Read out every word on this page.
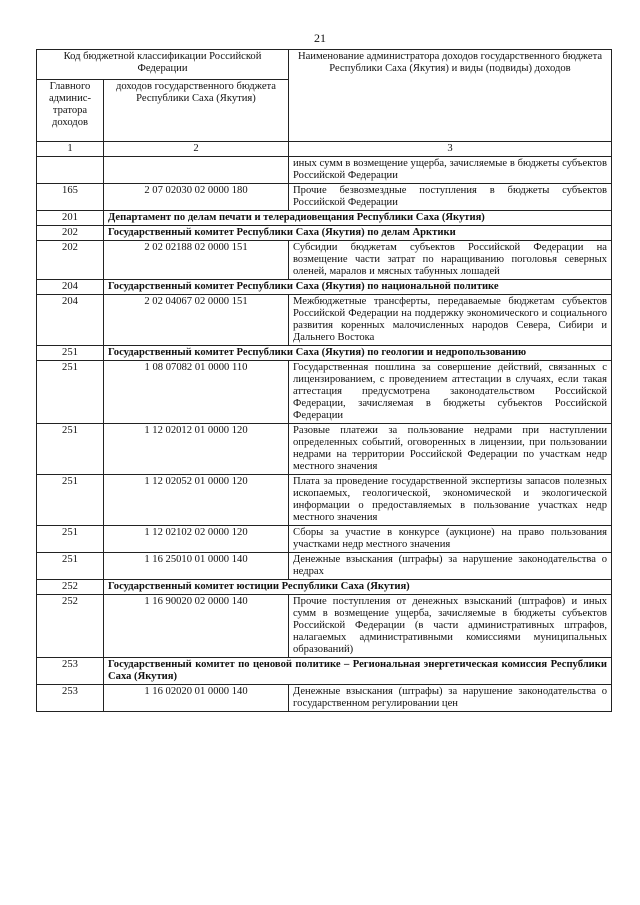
21
Код бюджетной классификации Российской Федерации		Наименование администратора доходов государственного бюджета Республики Саха (Якутия) и виды (подвиды) доходов
Главного админис-тратора доходов	доходов государственного бюджета Республики Саха (Якутия)	
1	2	3
		иных сумм в возмещение ущерба, зачисляемые в бюджеты субъектов Российской Федерации
165	2 07 02030 02 0000 180	Прочие безвозмездные поступления в бюджеты субъектов Российской Федерации
201	Департамент по делам печати и телерадиовещания Республики Саха (Якутия)	
202	Государственный комитет Республики Саха (Якутия) по делам Арктики	
202	2 02 02188 02 0000 151	Субсидии бюджетам субъектов Российской Федерации на возмещение части затрат по наращиванию поголовья северных оленей, маралов и мясных табунных лошадей
204	Государственный комитет Республики Саха (Якутия) по национальной политике	
204	2 02 04067 02 0000 151	Межбюджетные трансферты, передаваемые бюджетам субъектов Российской Федерации на поддержку экономического и социального развития коренных малочисленных народов Севера, Сибири и Дальнего Востока
251	Государственный комитет Республики Саха (Якутия) по геологии и недропользованию	
251	1 08 07082 01 0000 110	Государственная пошлина за совершение действий, связанных с лицензированием, с проведением аттестации в случаях, если такая аттестация предусмотрена законодательством Российской Федерации, зачисляемая в бюджеты субъектов Российской Федерации
251	1 12 02012 01 0000 120	Разовые платежи за пользование недрами при наступлении определенных событий, оговоренных в лицензии, при пользовании недрами на территории Российской Федерации по участкам недр местного значения
251	1 12 02052 01 0000 120	Плата за проведение государственной экспертизы запасов полезных ископаемых, геологической, экономической и экологической информации о предоставляемых в пользование участках недр местного значения
251	1 12 02102 02 0000 120	Сборы за участие в конкурсе (аукционе) на право пользования участками недр местного значения
251	1 16 25010 01 0000 140	Денежные взыскания (штрафы) за нарушение законодательства о недрах
252	Государственный комитет юстиции Республики Саха (Якутия)	
252	1 16 90020 02 0000 140	Прочие поступления от денежных взысканий (штрафов) и иных сумм в возмещение ущерба, зачисляемые в бюджеты субъектов Российской Федерации (в части административных штрафов, налагаемых административными комиссиями муниципальных образований)
253	Государственный комитет по ценовой политике – Региональная энергетическая комиссия Республики Саха (Якутия)	
253	1 16 02020 01 0000 140	Денежные взыскания (штрафы) за нарушение законодательства о государственном регулировании цен
